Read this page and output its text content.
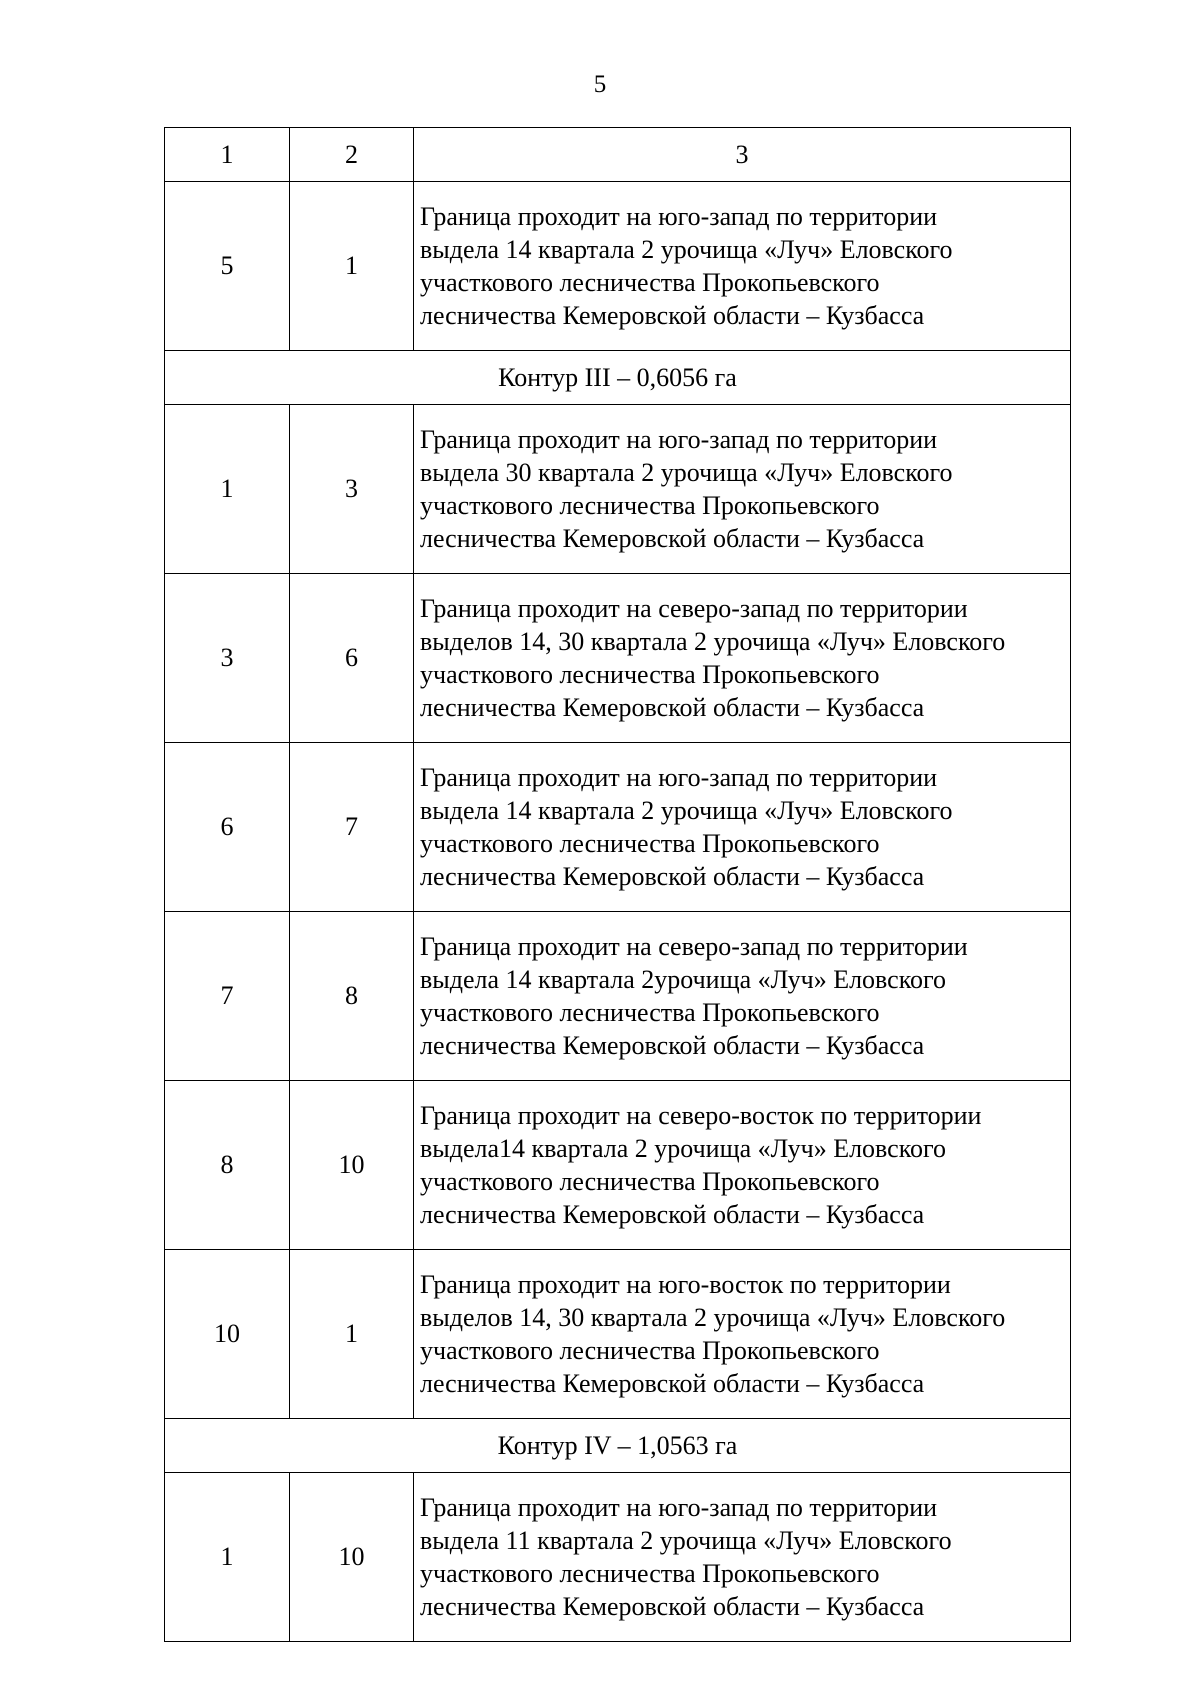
5
1	2	3
5	1	Граница проходит на юго-запад по территории
выдела 14 квартала 2 урочища «Луч» Еловского
участкового лесничества Прокопьевского
лесничества Кемеровской области – Кузбасса

Контур III – 0,6056 га		
1	3	Граница проходит на юго-запад по территории
выдела 30 квартала 2 урочища «Луч» Еловского
участкового лесничества Прокопьевского
лесничества Кемеровской области – Кузбасса

3	6	Граница проходит на северо-запад по территории
выделов 14, 30 квартала 2 урочища «Луч» Еловского
участкового лесничества Прокопьевского
лесничества Кемеровской области – Кузбасса

6	7	Граница проходит на юго-запад по территории
выдела 14 квартала 2 урочища «Луч» Еловского
участкового лесничества Прокопьевского
лесничества Кемеровской области – Кузбасса

7	8	Граница проходит на северо-запад по территории
выдела 14 квартала 2урочища «Луч» Еловского
участкового лесничества Прокопьевского
лесничества Кемеровской области – Кузбасса

8	10	Граница проходит на северо-восток по территории
выдела14 квартала 2 урочища «Луч» Еловского
участкового лесничества Прокопьевского
лесничества Кемеровской области – Кузбасса

10	1	Граница проходит на юго-восток по территории
выделов 14, 30 квартала 2 урочища «Луч» Еловского
участкового лесничества Прокопьевского
лесничества Кемеровской области – Кузбасса

Контур IV – 1,0563 га		
1	10	Граница проходит на юго-запад по территории
выдела 11 квартала 2 урочища «Луч» Еловского
участкового лесничества Прокопьевского
лесничества Кемеровской области – Кузбасса
